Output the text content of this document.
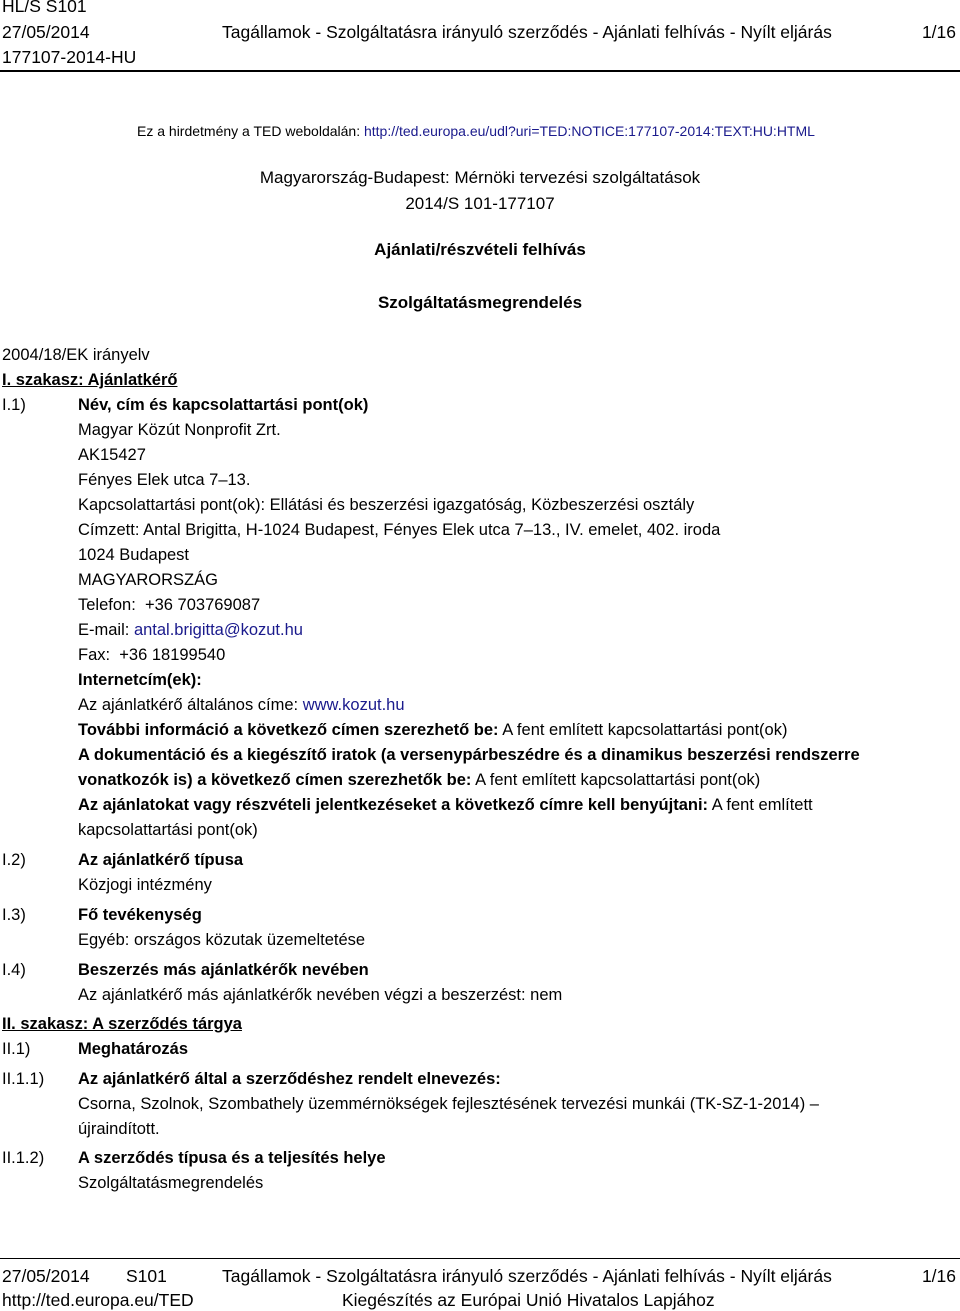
HL/S S101
27/05/2014	Tagállamok - Szolgáltatásra irányuló szerződés - Ajánlati felhívás - Nyílt eljárás	1/16
177107-2014-HU
Ez a hirdetmény a TED weboldalán: http://ted.europa.eu/udl?uri=TED:NOTICE:177107-2014:TEXT:HU:HTML
Magyarország-Budapest: Mérnöki tervezési szolgáltatások
2014/S 101-177107
Ajánlati/részvételi felhívás
Szolgáltatásmegrendelés
2004/18/EK irányelv
I. szakasz: Ajánlatkérő
I.1)	Név, cím és kapcsolattartási pont(ok)
Magyar Közút Nonprofit Zrt.
AK15427
Fényes Elek utca 7–13.
Kapcsolattartási pont(ok): Ellátási és beszerzési igazgatóság, Közbeszerzési osztály
Címzett: Antal Brigitta, H-1024 Budapest, Fényes Elek utca 7–13., IV. emelet, 402. iroda
1024 Budapest
MAGYARORSZÁG
Telefon: +36 703769087
E-mail: antal.brigitta@kozut.hu
Fax: +36 18199540
Internetcím(ek):
Az ajánlatkérő általános címe: www.kozut.hu
További információ a következő címen szerezhető be: A fent említett kapcsolattartási pont(ok)
A dokumentáció és a kiegészítő iratok (a versenypárbeszédre és a dinamikus beszerzési rendszerre
vonatkozók is) a következő címen szerezhetők be: A fent említett kapcsolattartási pont(ok)
Az ajánlatokat vagy részvételi jelentkezéseket a következő címre kell benyújtani: A fent említett
kapcsolattartási pont(ok)
I.2)	Az ajánlatkérő típusa
Közjogi intézmény
I.3)	Fő tevékenység
Egyéb: országos közutak üzemeltetése
I.4)	Beszerzés más ajánlatkérők nevében
Az ajánlatkérő más ajánlatkérők nevében végzi a beszerzést: nem
II. szakasz: A szerződés tárgya
II.1)	Meghatározás
II.1.1) Az ajánlatkérő által a szerződéshez rendelt elnevezés:
Csorna, Szolnok, Szombathely üzemmérnökségek fejlesztésének tervezési munkái (TK-SZ-1-2014) –
újraindított.
II.1.2) A szerződés típusa és a teljesítés helye
Szolgáltatásmegrendelés
27/05/2014 S101	Tagállamok - Szolgáltatásra irányuló szerződés - Ajánlati felhívás - Nyílt eljárás	1/16
http://ted.europa.eu/TED	Kiegészítés az Európai Unió Hivatalos Lapjához
